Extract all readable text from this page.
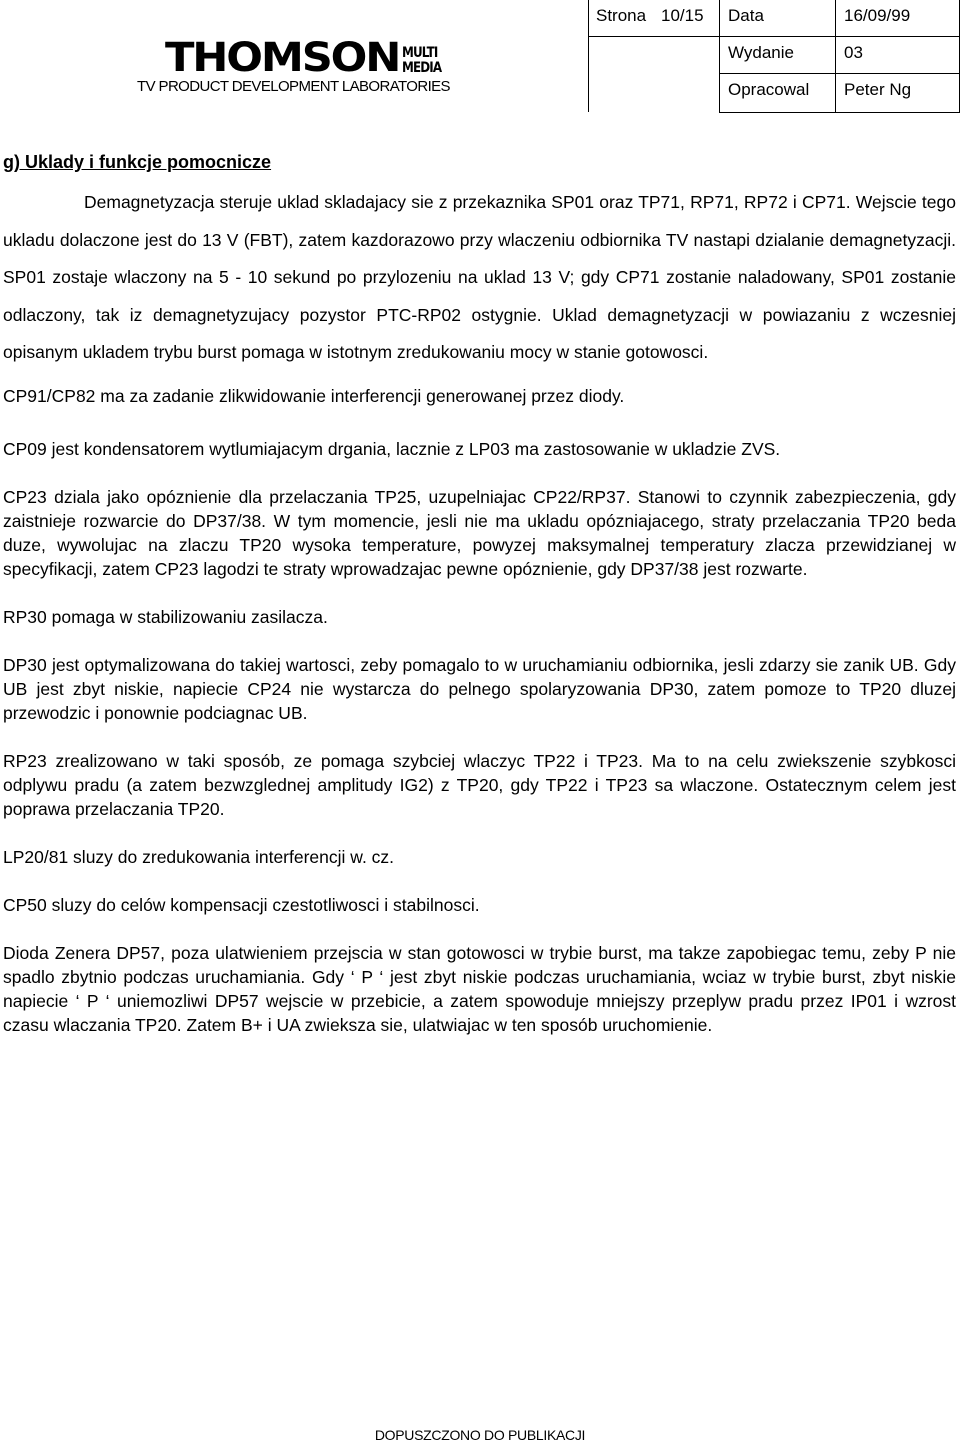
THOMSON MULTI
MEDIA
TV PRODUCT DEVELOPMENT LABORATORIES
Data	16/09/99
Wydanie	03
Opracowal Peter Ng
Strona 10/15
g) Uklady i funkcje pomocnicze

Demagnetyzacja steruje uklad skladajacy sie z przekaznika SP01 oraz TP71, RP71, RP72 i CP71. Wejscie tego ukladu dolaczone jest do 13 V (FBT), zatem kazdorazowo przy wlaczeniu odbiornika TV nastapi dzialanie demagnetyzacji. SP01 zostaje wlaczony na 5 - 10 sekund po przylozeniu na uklad 13 V; gdy CP71 zostanie naladowany, SP01 zostanie odlaczony, tak iz demagnetyzujacy pozystor PTC-RP02 ostygnie. Uklad demagnetyzacji w powiazaniu z wczesniej opisanym ukladem trybu burst pomaga w istotnym zredukowaniu mocy w stanie gotowosci.

CP91/CP82 ma za zadanie zlikwidowanie interferencji generowanej przez diody.

CP09 jest kondensatorem wytlumiajacym drgania, lacznie z LP03 ma zastosowanie w ukladzie ZVS.

CP23 dziala jako opóznienie dla przelaczania TP25, uzupelniajac CP22/RP37. Stanowi to czynnik zabezpieczenia, gdy zaistnieje rozwarcie do DP37/38. W tym momencie, jesli nie ma ukladu opózniajacego, straty przelaczania TP20 beda duze, wywolujac na zlaczu TP20 wysoka temperature, powyzej maksymalnej temperatury zlacza przewidzianej w specyfikacji, zatem CP23 lagodzi te straty wprowadzajac pewne opóznienie, gdy DP37/38 jest rozwarte.

RP30 pomaga w stabilizowaniu zasilacza.

DP30 jest optymalizowana do takiej wartosci, zeby pomagalo to w uruchamianiu odbiornika, jesli zdarzy sie zanik UB. Gdy UB jest zbyt niskie, napiecie CP24 nie wystarcza do pelnego spolaryzowania DP30, zatem pomoze to TP20 dluzej przewodzic i ponownie podciagnac UB.

RP23 zrealizowano w taki sposób, ze pomaga szybciej wlaczyc TP22 i TP23. Ma to na celu zwiekszenie szybkosci odplywu pradu (a zatem bezwzglednej amplitudy IG2) z TP20, gdy TP22 i TP23 sa wlaczone. Ostatecznym celem jest poprawa przelaczania TP20.

LP20/81 sluzy do zredukowania interferencji w. cz.

CP50 sluzy do celów kompensacji czestotliwosci i stabilnosci.

Dioda Zenera DP57, poza ulatwieniem przejscia w stan gotowosci w trybie burst, ma takze zapobiegac temu, zeby P nie spadlo zbytnio podczas uruchamiania. Gdy ‘ P ‘ jest zbyt niskie podczas uruchamiania, wciaz w trybie burst, zbyt niskie napiecie ‘ P ‘ uniemozliwi DP57 wejscie w przebicie, a zatem spowoduje mniejszy przeplyw pradu przez IP01 i wzrost czasu wlaczania TP20. Zatem B+ i UA zwieksza sie, ulatwiajac w ten sposób uruchomienie.

DOPUSZCZONO DO PUBLIKACJI
